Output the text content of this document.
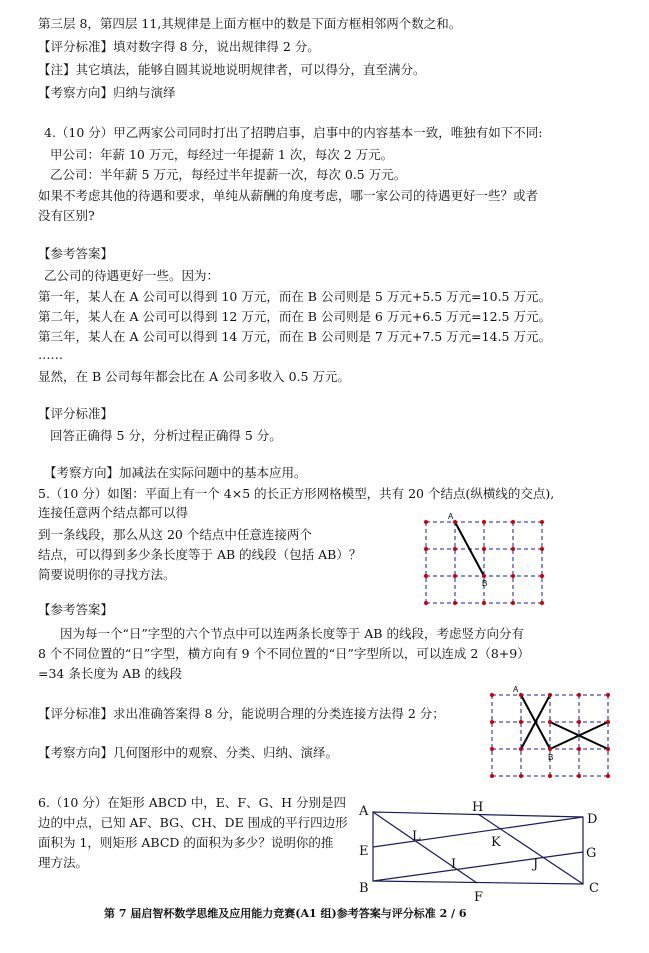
第三层 8，第四层 11,其规律是上面方框中的数是下面方框相邻两个数之和。
【评分标准】填对数字得 8 分，说出规律得 2 分。
【注】其它填法，能够自圆其说地说明规律者，可以得分，直至满分。
【考察方向】归纳与演绎
4.（10 分）甲乙两家公司同时打出了招聘启事，启事中的内容基本一致，唯独有如下不同:
甲公司：年薪 10 万元，每经过一年提薪 1 次，每次 2 万元。
乙公司：半年薪 5 万元，每经过半年提薪一次，每次 0.5 万元。
如果不考虑其他的待遇和要求，单纯从薪酬的角度考虑，哪一家公司的待遇更好一些？或者
没有区别?
【参考答案】
乙公司的待遇更好一些。因为：
第一年，某人在 A 公司可以得到 10 万元，而在 B 公司则是 5 万元+5.5 万元=10.5 万元。
第二年，某人在 A 公司可以得到 12 万元，而在 B 公司则是 6 万元+6.5 万元=12.5 万元。
第三年，某人在 A 公司可以得到 14 万元，而在 B 公司则是 7 万元+7.5 万元=14.5 万元。
……
显然，在 B 公司每年都会比在 A 公司多收入 0.5 万元。
【评分标准】
回答正确得 5 分，分析过程正确得 5 分。
【考察方向】加减法在实际问题中的基本应用。
5.（10 分）如图：平面上有一个 4×5 的长正方形网格模型，共有 20 个结点(纵横线的交点),
连接任意两个结点都可以得
到一条线段，那么从这 20 个结点中任意连接两个
结点，可以得到多少条长度等于 AB 的线段（包括 AB）？
简要说明你的寻找方法。
A
B
【参考答案】
因为每一个“日”字型的六个节点中可以连两条长度等于 AB 的线段，考虑竖方向分有
8 个不同位置的“日”字型，横方向有 9 个不同位置的“日”字型所以，可以连成 2（8+9）
=34 条长度为 AB 的线段
【评分标准】求出准确答案得 8 分，能说明合理的分类连接方法得 2 分；
【考察方向】几何图形中的观察、分类、归纳、演绎。
A
B
6.（10 分）在矩形 ABCD 中，E、F、G、H 分别是四
边的中点，已知 AF、BG、CH、DE 围成的平行四边形
面积为 1，则矩形 ABCD 的面积为多少？说明你的推
理方法。
A
B	C
D
E
F
G
H
I	J
K
L
第 7 届启智杯数学思维及应用能力竞赛(A1 组)参考答案与评分标准 2 / 6
